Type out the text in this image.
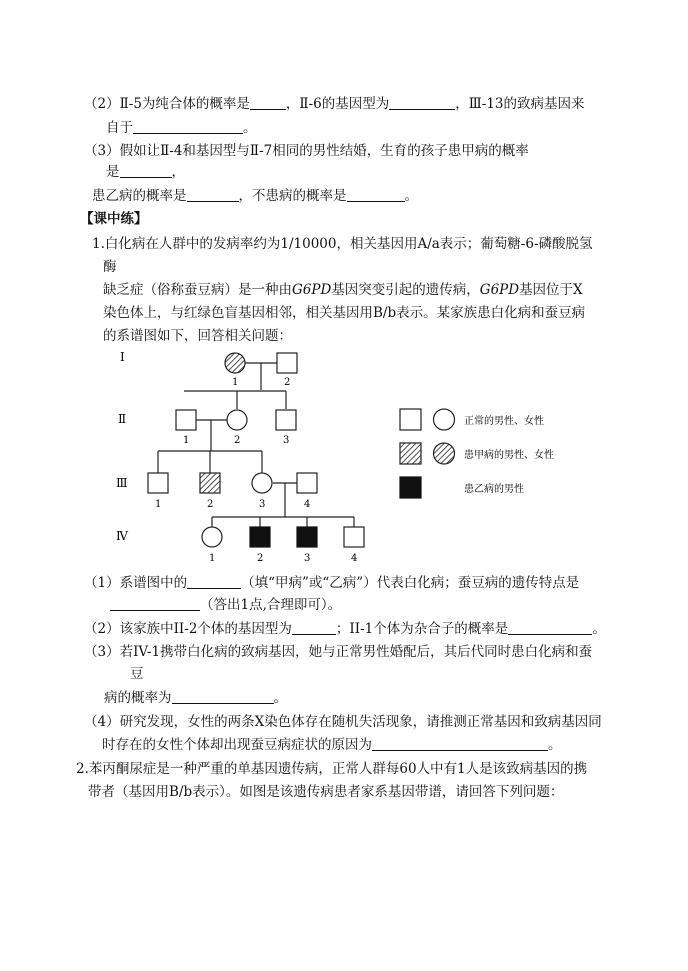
（2）Ⅱ-5为纯合体的概率是	，Ⅱ-6的基因型为	，Ⅲ-13的致病基因来
自于	。
（3）假如让Ⅱ-4和基因型与Ⅱ-7相同的男性结婚，生育的孩子患甲病的概率
是	，
患乙病的概率是	，不患病的概率是	。
【课中练】
1.白化病在人群中的发病率约为1/10000，相关基因用A/a表示；葡萄糖-6-磷酸脱氢
酶
缺乏症（俗称蚕豆病）是一种由G6PD基因突变引起的遗传病，G6PD基因位于X
染色体上，与红绿色盲基因相邻，相关基因用B/b表示。某家族患白化病和蚕豆病
的系谱图如下，回答相关问题：
Ⅰ
Ⅱ
Ⅲ
Ⅳ
1	2
1	2	3
1	2	3	4
1	2	3	4
正常的男性、女性
患甲病的男性、女性
患乙病的男性
（1）系谱图中的	（填“甲病”或“乙病”）代表白化病；蚕豆病的遗传特点是
（答出1点,合理即可）。
（2）该家族中II-2个体的基因型为	；II-1个体为杂合子的概率是	。
（3）若IV-1携带白化病的致病基因，她与正常男性婚配后，其后代同时患白化病和蚕
豆
病的概率为	。
（4）研究发现，女性的两条X染色体存在随机失活现象，请推测正常基因和致病基因同
时存在的女性个体却出现蚕豆病症状的原因为	。
2.苯丙酮尿症是一种严重的单基因遗传病，正常人群每60人中有1人是该致病基因的携
带者（基因用B/b表示）。如图是该遗传病患者家系基因带谱，请回答下列问题：
